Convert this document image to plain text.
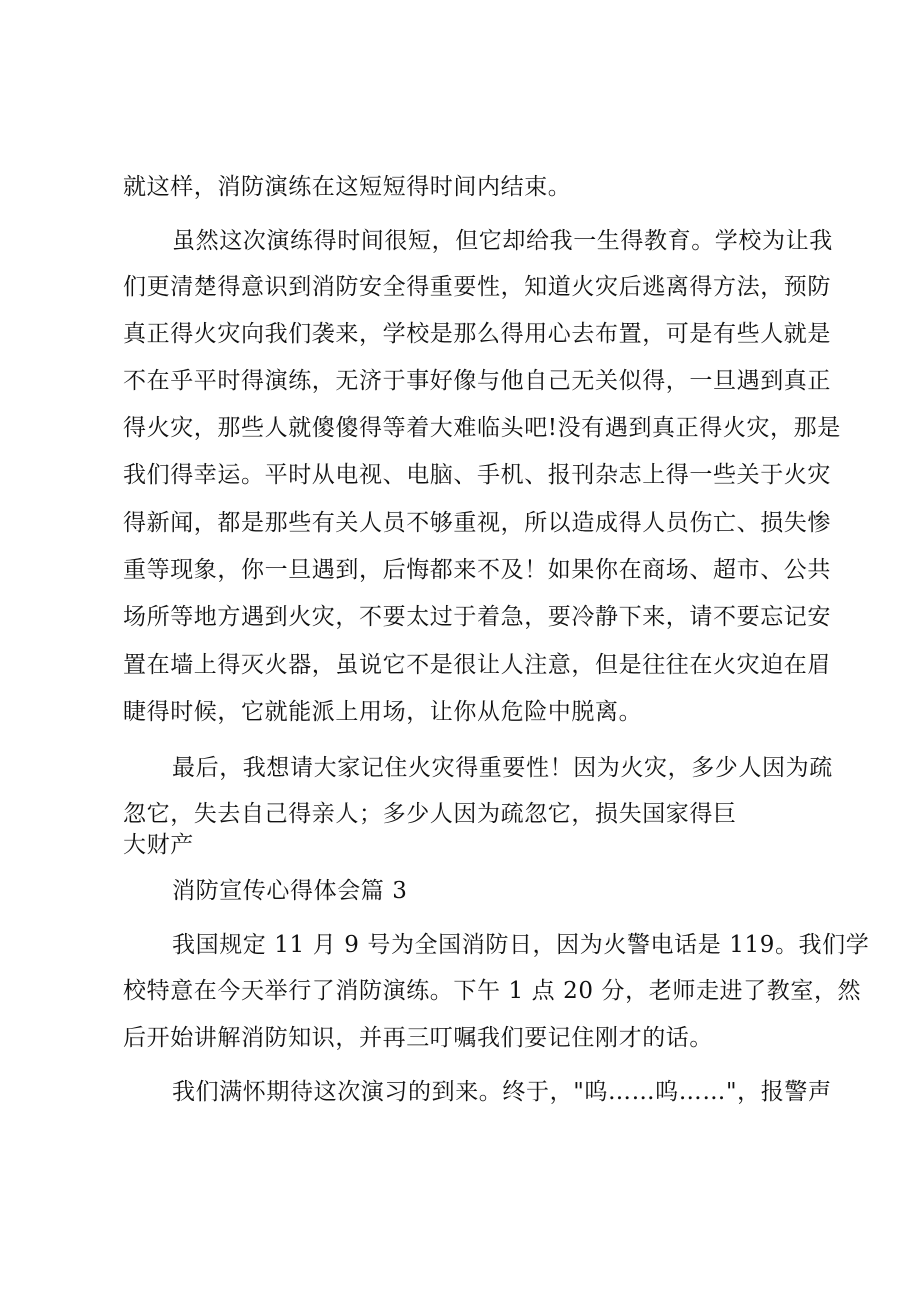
就这样，消防演练在这短短得时间内结束。
虽然这次演练得时间很短，但它却给我一生得教育。学校为让我
们更清楚得意识到消防安全得重要性，知道火灾后逃离得方法，预防
真正得火灾向我们袭来，学校是那么得用心去布置，可是有些人就是
不在乎平时得演练，无济于事好像与他自己无关似得，一旦遇到真正
得火灾，那些人就傻傻得等着大难临头吧!没有遇到真正得火灾，那是
我们得幸运。平时从电视、电脑、手机、报刊杂志上得一些关于火灾
得新闻，都是那些有关人员不够重视，所以造成得人员伤亡、损失惨
重等现象，你一旦遇到，后悔都来不及！如果你在商场、超市、公共
场所等地方遇到火灾，不要太过于着急，要冷静下来，请不要忘记安
置在墙上得灭火器，虽说它不是很让人注意，但是往往在火灾迫在眉
睫得时候，它就能派上用场，让你从危险中脱离。
最后，我想请大家记住火灾得重要性！因为火灾，多少人因为疏
忽它，失去自己得亲人；多少人因为疏忽它，损失国家得巨
大财产
消防宣传心得体会篇 3
我国规定 11 月 9 号为全国消防日，因为火警电话是 119。我们学
校特意在今天举行了消防演练。下午 1 点 20 分，老师走进了教室，然
后开始讲解消防知识，并再三叮嘱我们要记住刚才的话。
我们满怀期待这次演习的到来。终于，"呜……呜……"，报警声
